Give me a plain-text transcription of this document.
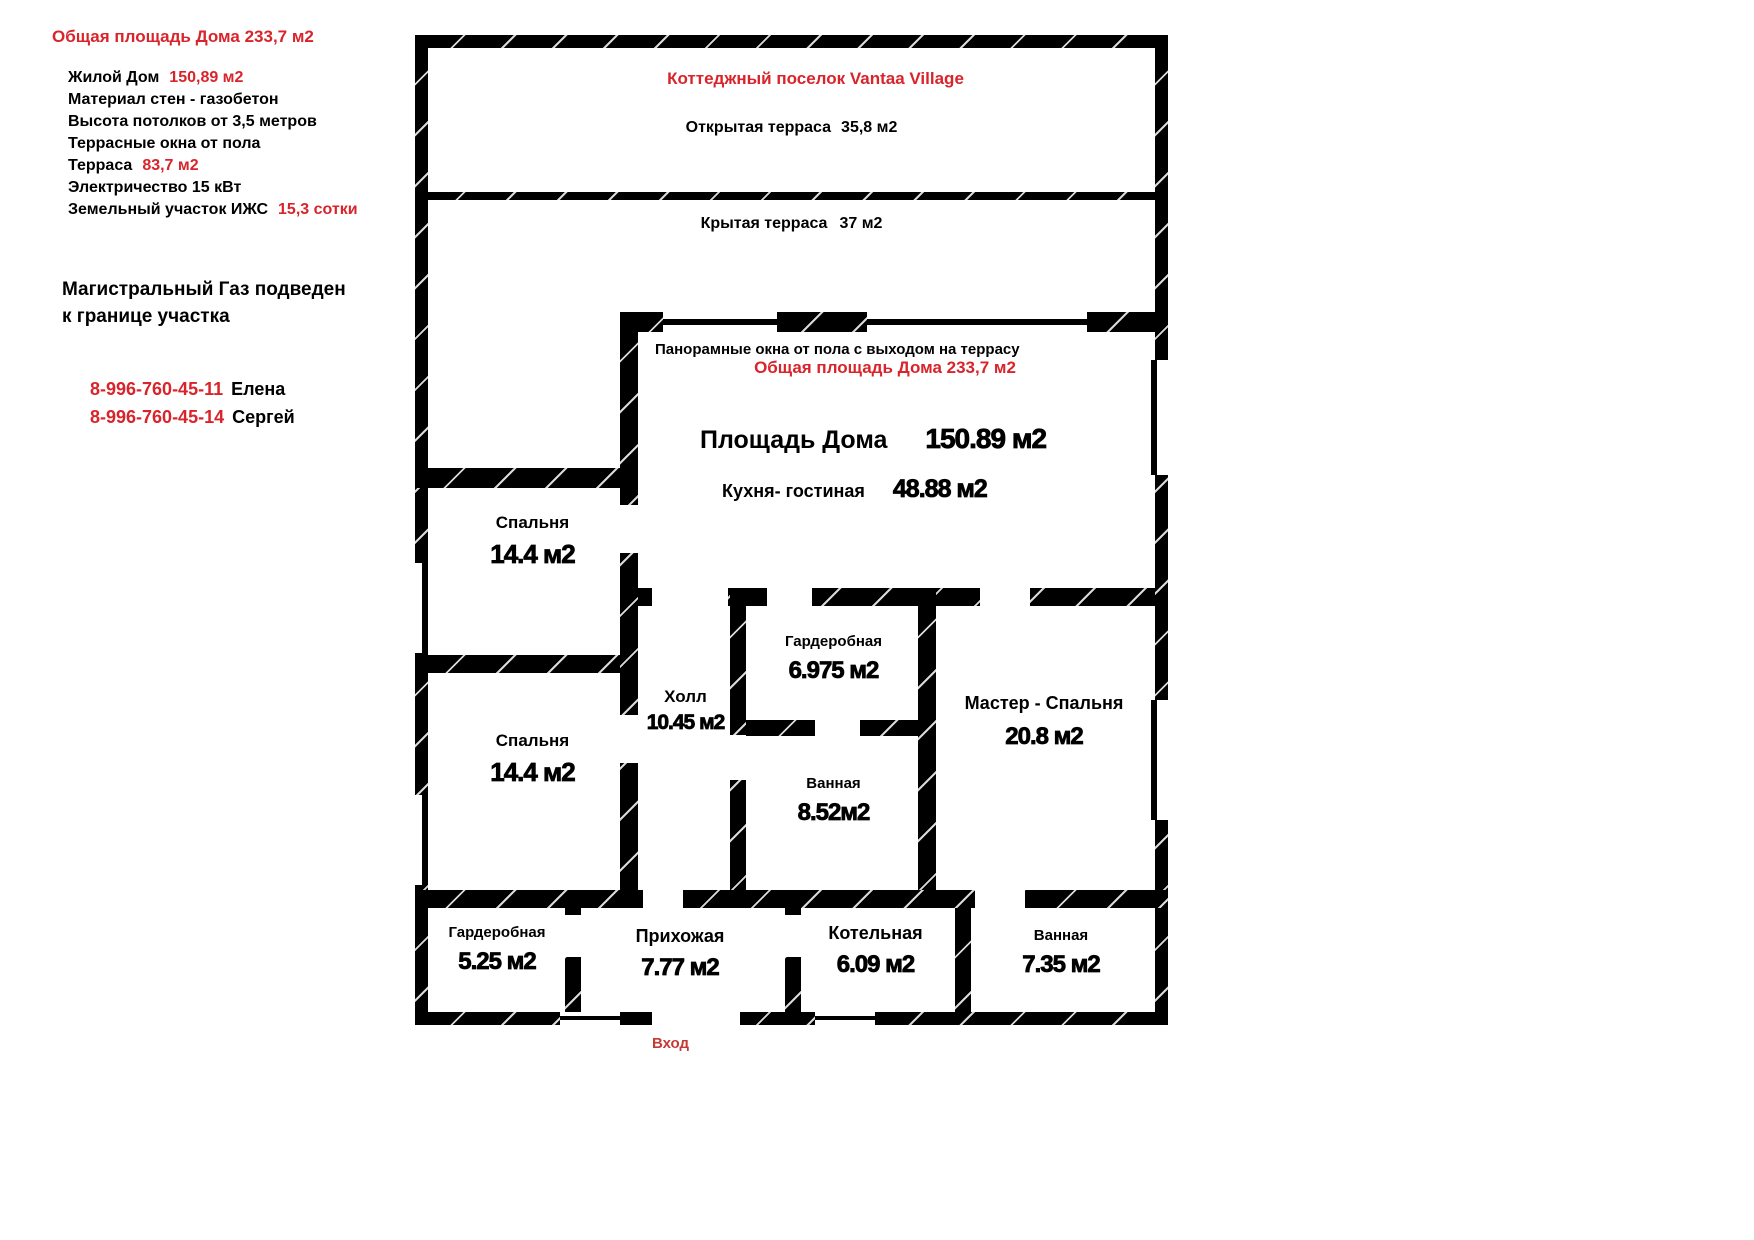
Общая площадь Дома 233,7 м2
Жилой Дом 150,89 м2
Материал стен - газобетон
Высота потолков от 3,5 метров
Террасные окна от пола
Терраса 83,7 м2
Электричество 15 кВт
Земельный участок ИЖС 15,3 сотки
Магистральный Газ подведен
к границе участка
8-996-760-45-11 Елена
8-996-760-45-14 Сергей
Коттеджный поселок Vantaa Village
Открытая терраса 35,8 м2
Крытая терраса 37 м2
Панорамные окна от пола с выходом на террасу
Общая площадь Дома 233,7 м2
Площадь Дома 150.89 м2
Кухня- гостиная 48.88 м2
Спальня
14.4 м2
Спальня
14.4 м2
Холл
10.45 м2
Гардеробная
6.975 м2
Ванная
8.52м2
Мастер - Спальня
20.8 м2
Гардеробная
5.25 м2
Прихожая
7.77 м2
Котельная
6.09 м2
Ванная
7.35 м2
Вход
